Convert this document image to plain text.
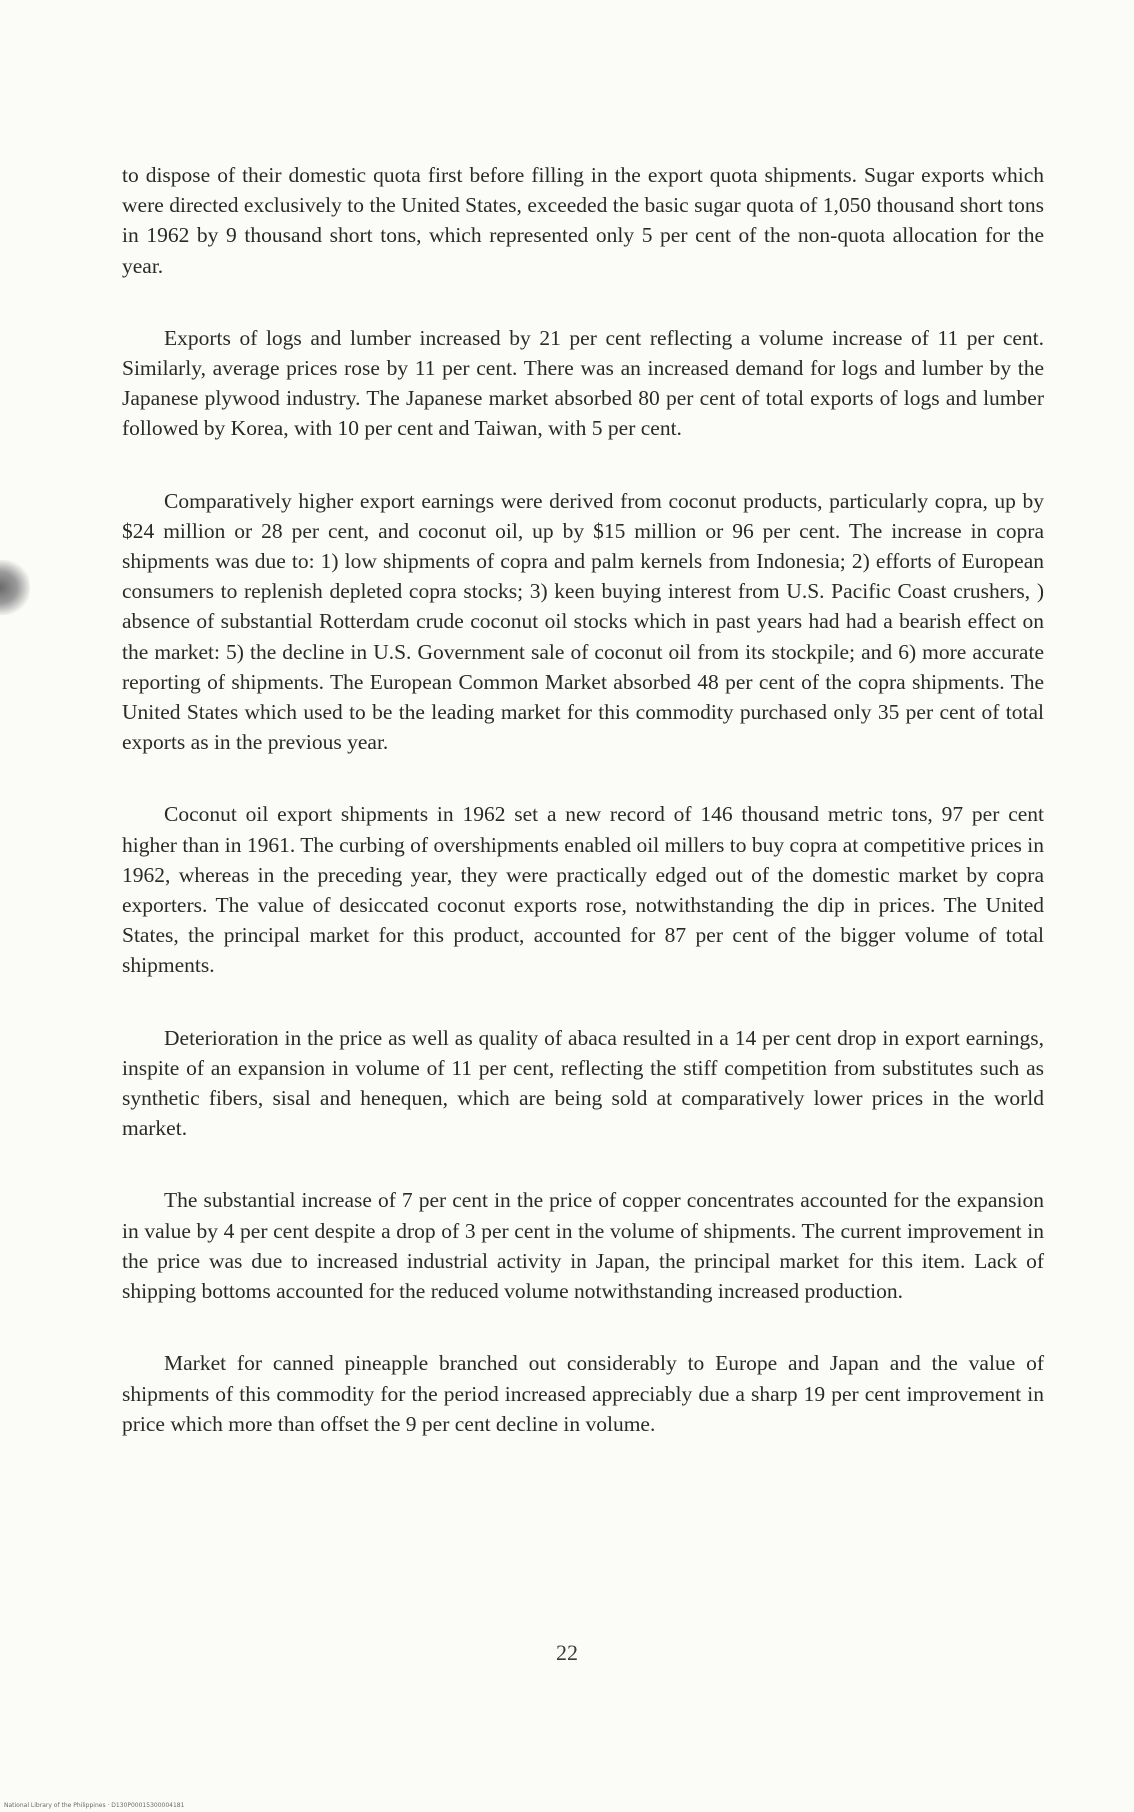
to dispose of their domestic quota first before filling in the export quota shipments. Sugar exports which were directed exclusively to the United States, exceeded the basic sugar quota of 1,050 thousand short tons in 1962 by 9 thousand short tons, which represented only 5 per cent of the non-quota allocation for the year.

Exports of logs and lumber increased by 21 per cent reflecting a volume increase of 11 per cent. Similarly, average prices rose by 11 per cent. There was an increased demand for logs and lumber by the Japanese plywood industry. The Japanese market absorbed 80 per cent of total exports of logs and lumber followed by Korea, with 10 per cent and Taiwan, with 5 per cent.

Comparatively higher export earnings were derived from coconut products, particularly copra, up by $24 million or 28 per cent, and coconut oil, up by $15 million or 96 per cent. The increase in copra shipments was due to: 1) low shipments of copra and palm kernels from Indonesia; 2) efforts of European consumers to replenish depleted copra stocks; 3) keen buying interest from U.S. Pacific Coast crushers, ) absence of substantial Rotterdam crude coconut oil stocks which in past years had had a bearish effect on the market: 5) the decline in U.S. Government sale of coconut oil from its stockpile; and 6) more accurate reporting of shipments. The European Common Market absorbed 48 per cent of the copra shipments. The United States which used to be the leading market for this commodity purchased only 35 per cent of total exports as in the previous year.

Coconut oil export shipments in 1962 set a new record of 146 thousand metric tons, 97 per cent higher than in 1961. The curbing of overshipments enabled oil millers to buy copra at competitive prices in 1962, whereas in the preceding year, they were practically edged out of the domestic market by copra exporters. The value of desiccated coconut exports rose, notwithstanding the dip in prices. The United States, the principal market for this product, accounted for 87 per cent of the bigger volume of total shipments.

Deterioration in the price as well as quality of abaca resulted in a 14 per cent drop in export earnings, inspite of an expansion in volume of 11 per cent, reflecting the stiff competition from substitutes such as synthetic fibers, sisal and henequen, which are being sold at comparatively lower prices in the world market.

The substantial increase of 7 per cent in the price of copper concentrates accounted for the expansion in value by 4 per cent despite a drop of 3 per cent in the volume of shipments. The current improvement in the price was due to increased industrial activity in Japan, the principal market for this item. Lack of shipping bottoms accounted for the reduced volume notwithstanding increased production.

Market for canned pineapple branched out considerably to Europe and Japan and the value of shipments of this commodity for the period increased appreciably due a sharp 19 per cent improvement in price which more than offset the 9 per cent decline in volume.

22
National Library of the Philippines · D130P00015300004181
